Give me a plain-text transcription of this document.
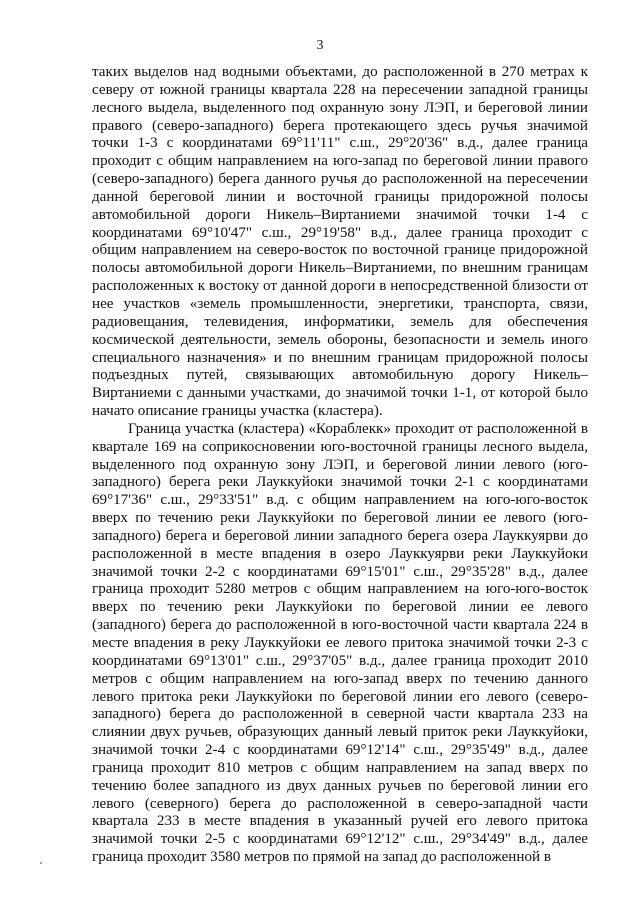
3

таких выделов над водными объектами, до расположенной в 270 метрах к северу от южной границы квартала 228 на пересечении западной границы лесного выдела, выделенного под охранную зону ЛЭП, и береговой линии правого (северо-западного) берега протекающего здесь ручья значимой точки 1-3 с координатами 69°11'11" с.ш., 29°20'36" в.д., далее граница проходит с общим направлением на юго-запад по береговой линии правого (северо-западного) берега данного ручья до расположенной на пересечении данной береговой линии и восточной границы придорожной полосы автомобильной дороги Никель–Виртаниеми значимой точки 1-4 с координатами 69°10'47" с.ш., 29°19'58" в.д., далее граница проходит с общим направлением на северо-восток по восточной границе придорожной полосы автомобильной дороги Никель–Виртаниеми, по внешним границам расположенных к востоку от данной дороги в непосредственной близости от нее участков «земель промышленности, энергетики, транспорта, связи, радиовещания, телевидения, информатики, земель для обеспечения космической деятельности, земель обороны, безопасности и земель иного специального назначения» и по внешним границам придорожной полосы подъездных путей, связывающих автомобильную дорогу Никель–Виртаниеми с данными участками, до значимой точки 1-1, от которой было начато описание границы участка (кластера).

Граница участка (кластера) «Кораблекк» проходит от расположенной в квартале 169 на соприкосновении юго-восточной границы лесного выдела, выделенного под охранную зону ЛЭП, и береговой линии левого (юго-западного) берега реки Лауккуйоки значимой точки 2-1 с координатами 69°17'36" с.ш., 29°33'51" в.д. с общим направлением на юго-юго-восток вверх по течению реки Лауккуйоки по береговой линии ее левого (юго-западного) берега и береговой линии западного берега озера Лауккуярви до расположенной в месте впадения в озеро Лауккуярви реки Лауккуйоки значимой точки 2-2 с координатами 69°15'01" с.ш., 29°35'28" в.д., далее граница проходит 5280 метров с общим направлением на юго-юго-восток вверх по течению реки Лауккуйоки по береговой линии ее левого (западного) берега до расположенной в юго-восточной части квартала 224 в месте впадения в реку Лауккуйоки ее левого притока значимой точки 2-3 с координатами 69°13'01" с.ш., 29°37'05" в.д., далее граница проходит 2010 метров с общим направлением на юго-запад вверх по течению данного левого притока реки Лауккуйоки по береговой линии его левого (северо-западного) берега до расположенной в северной части квартала 233 на слиянии двух ручьев, образующих данный левый приток реки Лауккуйоки, значимой точки 2-4 с координатами 69°12'14" с.ш., 29°35'49" в.д., далее граница проходит 810 метров с общим направлением на запад вверх по течению более западного из двух данных ручьев по береговой линии его левого (северного) берега до расположенной в северо-западной части квартала 233 в месте впадения в указанный ручей его левого притока значимой точки 2-5 с координатами 69°12'12" с.ш., 29°34'49" в.д., далее граница проходит 3580 метров по прямой на запад до расположенной в
